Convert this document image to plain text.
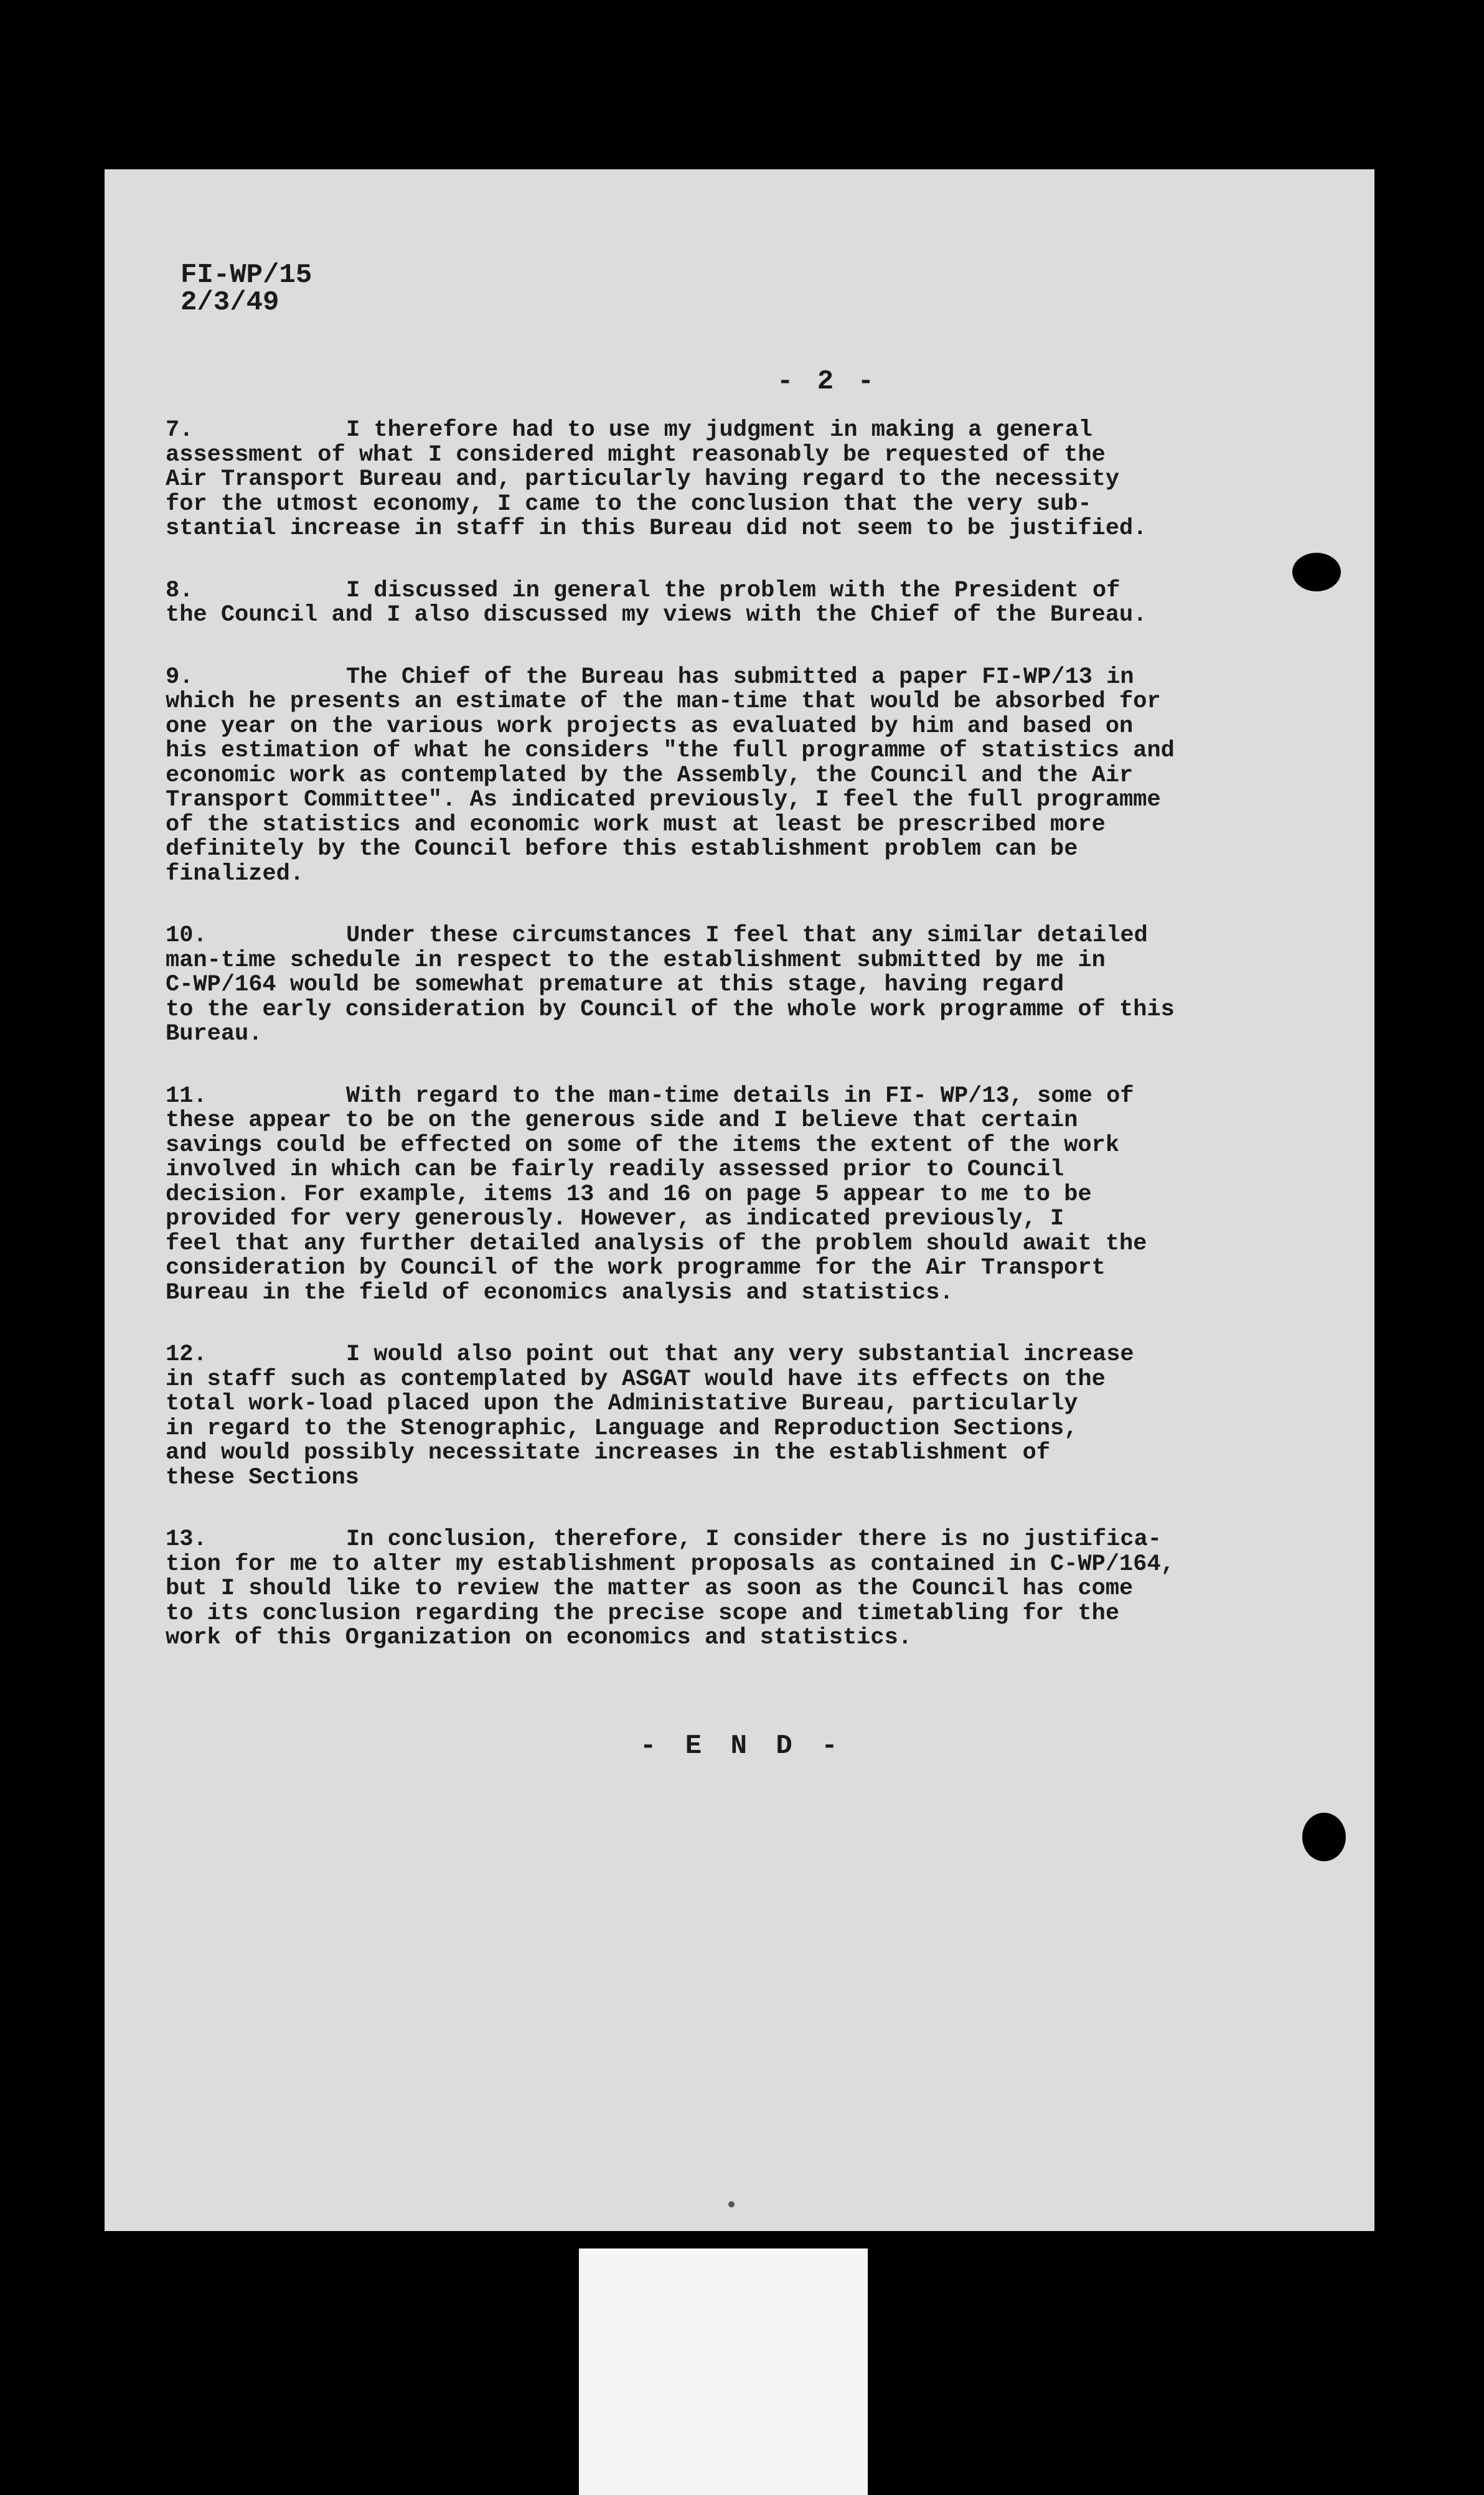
FI-WP/15
2/3/49
- 2 -
7.	I therefore had to use my judgment in making a general
assessment of what I considered might reasonably be requested of the
Air Transport Bureau and, particularly having regard to the necessity
for the utmost economy, I came to the conclusion that the very sub-
stantial increase in staff in this Bureau did not seem to be justified.
8.	I discussed in general the problem with the President of
the Council and I also discussed my views with the Chief of the Bureau.
9.	The Chief of the Bureau has submitted a paper FI-WP/13 in
which he presents an estimate of the man-time that would be absorbed for
one year on the various work projects as evaluated by him and based on
his estimation of what he considers "the full programme of statistics and
economic work as contemplated by the Assembly, the Council and the Air
Transport Committee". As indicated previously, I feel the full programme
of the statistics and economic work must at least be prescribed more
definitely by the Council before this establishment problem can be
finalized.
10.	Under these circumstances I feel that any similar detailed
man-time schedule in respect to the establishment submitted by me in
C-WP/164 would be somewhat premature at this stage, having regard
to the early consideration by Council of the whole work programme of this
Bureau.
11.	With regard to the man-time details in FI- WP/13, some of
these appear to be on the generous side and I believe that certain
savings could be effected on some of the items the extent of the work
involved in which can be fairly readily assessed prior to Council
decision. For example, items 13 and 16 on page 5 appear to me to be
provided for very generously. However, as indicated previously, I
feel that any further detailed analysis of the problem should await the
consideration by Council of the work programme for the Air Transport
Bureau in the field of economics analysis and statistics.
12.	I would also point out that any very substantial increase
in staff such as contemplated by ASGAT would have its effects on the
total work-load placed upon the Administative Bureau, particularly
in regard to the Stenographic, Language and Reproduction Sections,
and would possibly necessitate increases in the establishment of
these Sections
13.	In conclusion, therefore, I consider there is no justifica-
tion for me to alter my establishment proposals as contained in C-WP/164,
but I should like to review the matter as soon as the Council has come
to its conclusion regarding the precise scope and timetabling for the
work of this Organization on economics and statistics.
- E N D -
